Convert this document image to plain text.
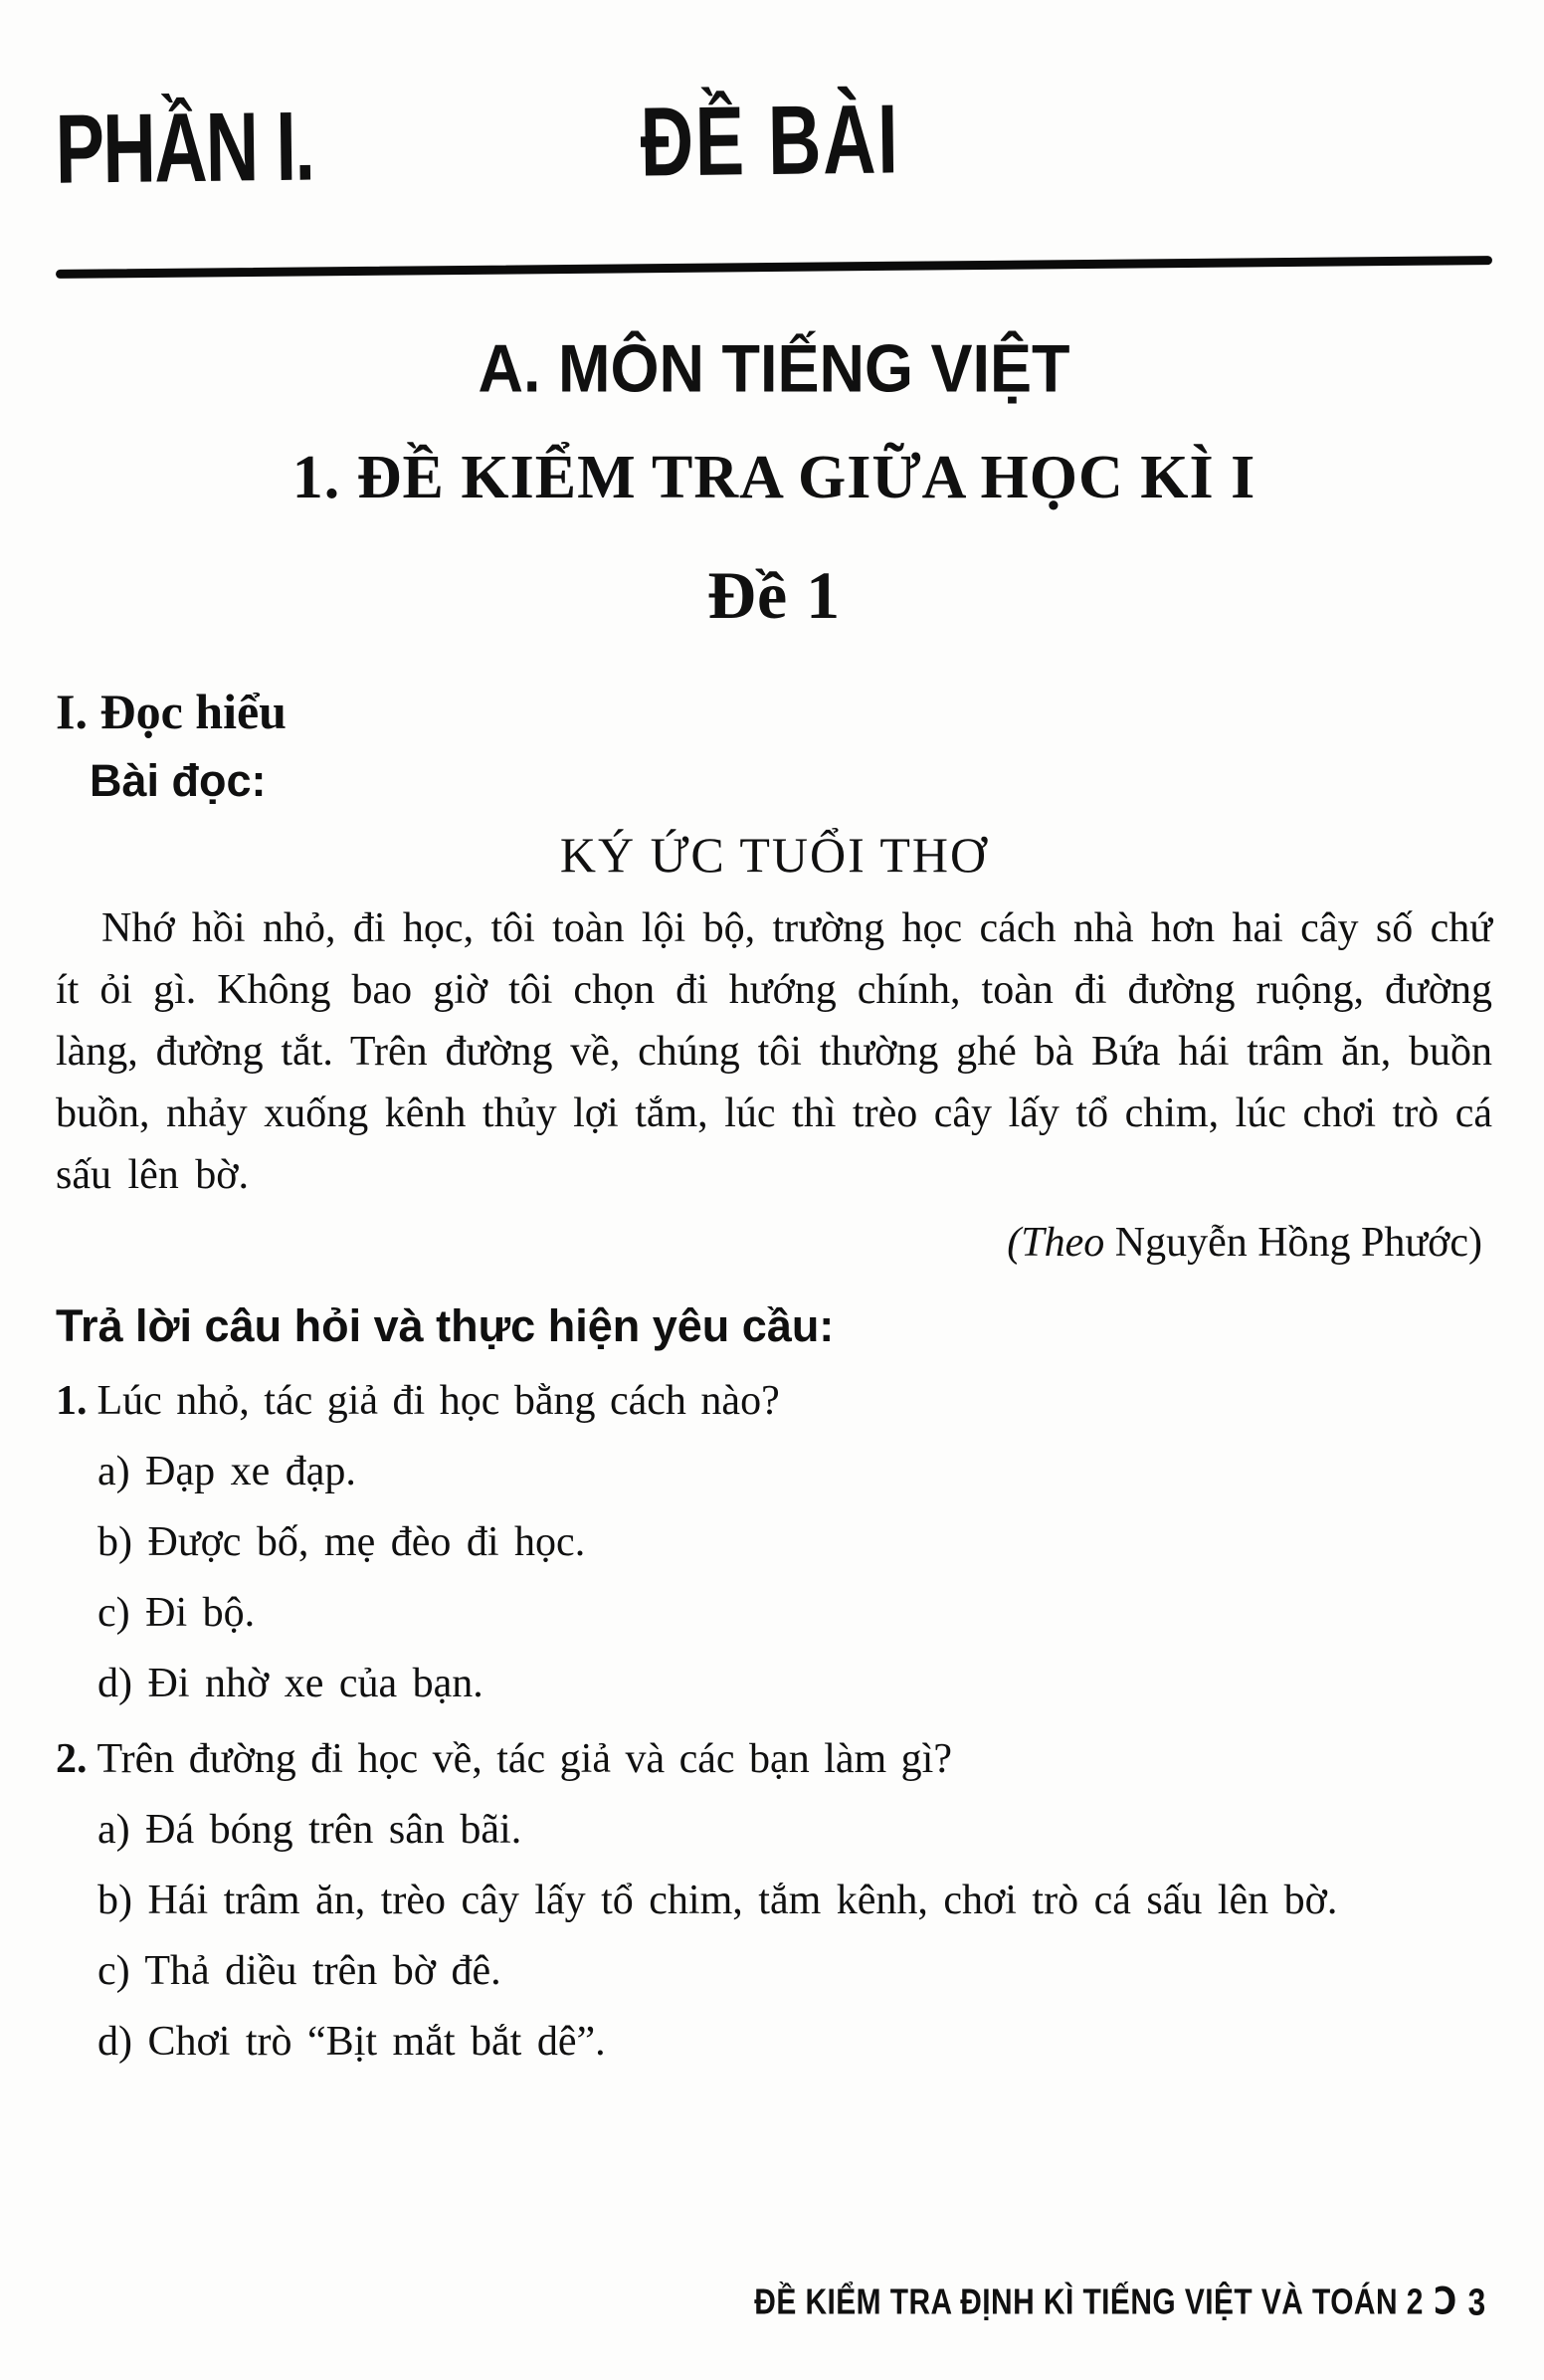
PHẦN I.	ĐỀ BÀI
A. MÔN TIẾNG VIỆT
1. ĐỀ KIỂM TRA GIỮA HỌC KÌ I
Đề 1
I. Đọc hiểu
Bài đọc:
KÝ ỨC TUỔI THƠ
Nhớ hồi nhỏ, đi học, tôi toàn lội bộ, trường học cách nhà hơn hai cây số chứ ít ỏi gì. Không bao giờ tôi chọn đi hướng chính, toàn đi đường ruộng, đường làng, đường tắt. Trên đường về, chúng tôi thường ghé bà Bứa hái trâm ăn, buồn buồn, nhảy xuống kênh thủy lợi tắm, lúc thì trèo cây lấy tổ chim, lúc chơi trò cá sấu lên bờ.
(Theo Nguyễn Hồng Phước)
Trả lời câu hỏi và thực hiện yêu cầu:
1. Lúc nhỏ, tác giả đi học bằng cách nào?
a) Đạp xe đạp.
b) Được bố, mẹ đèo đi học.
c) Đi bộ.
d) Đi nhờ xe của bạn.
2. Trên đường đi học về, tác giả và các bạn làm gì?
a) Đá bóng trên sân bãi.
b) Hái trâm ăn, trèo cây lấy tổ chim, tắm kênh, chơi trò cá sấu lên bờ.
c) Thả diều trên bờ đê.
d) Chơi trò “Bịt mắt bắt dê”.
ĐỀ KIỂM TRA ĐỊNH KÌ TIẾNG VIỆT VÀ TOÁN 2 Ɔ 3
